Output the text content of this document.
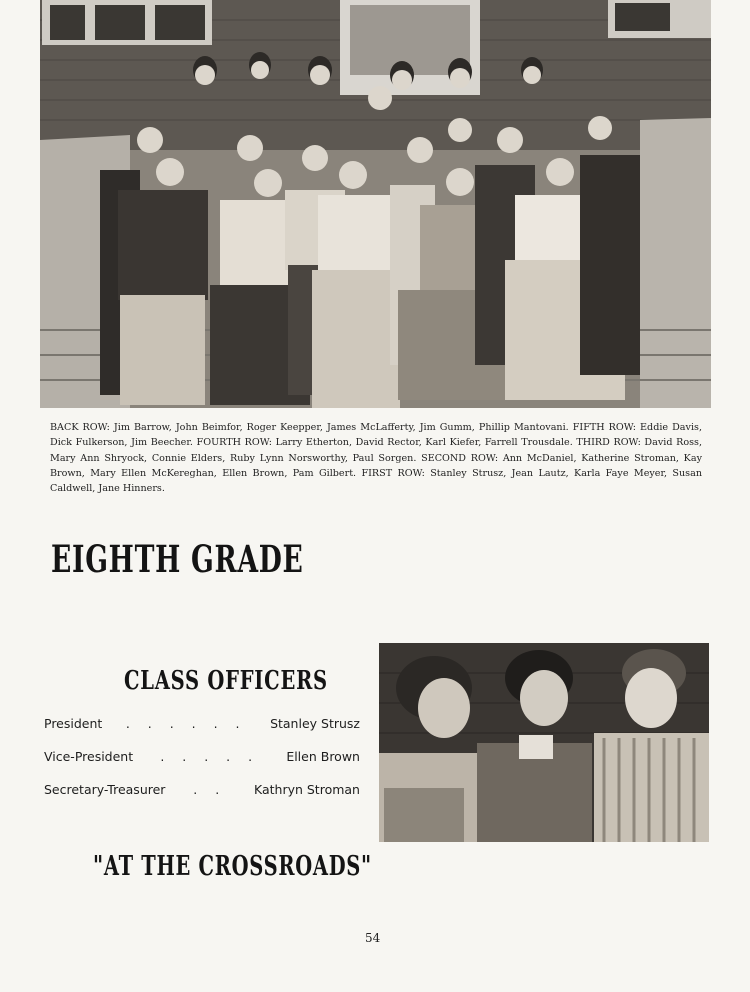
BACK ROW: Jim Barrow, John Beimfor, Roger Keepper, James McLafferty, Jim Gumm, Phillip Mantovani. FIFTH ROW: Eddie Davis, Dick Fulkerson, Jim Beecher. FOURTH ROW: Larry Etherton, David Rector, Karl Kiefer, Farrell Trousdale. THIRD ROW: David Ross, Mary Ann Shryock, Connie Elders, Ruby Lynn Norsworthy, Paul Sorgen. SECOND ROW: Ann McDaniel, Katherine Stroman, Kay Brown, Mary Ellen McKereghan, Ellen Brown, Pam Gilbert. FIRST ROW: Stanley Strusz, Jean Lautz, Karla Faye Meyer, Susan Caldwell, Jane Hinners.

EIGHTH GRADE
CLASS OFFICERS
President . . . . . . Stanley Strusz
Vice-President . . . . . Ellen Brown
Secretary-Treasurer . . Kathryn Stroman
"AT THE CROSSROADS"
54
